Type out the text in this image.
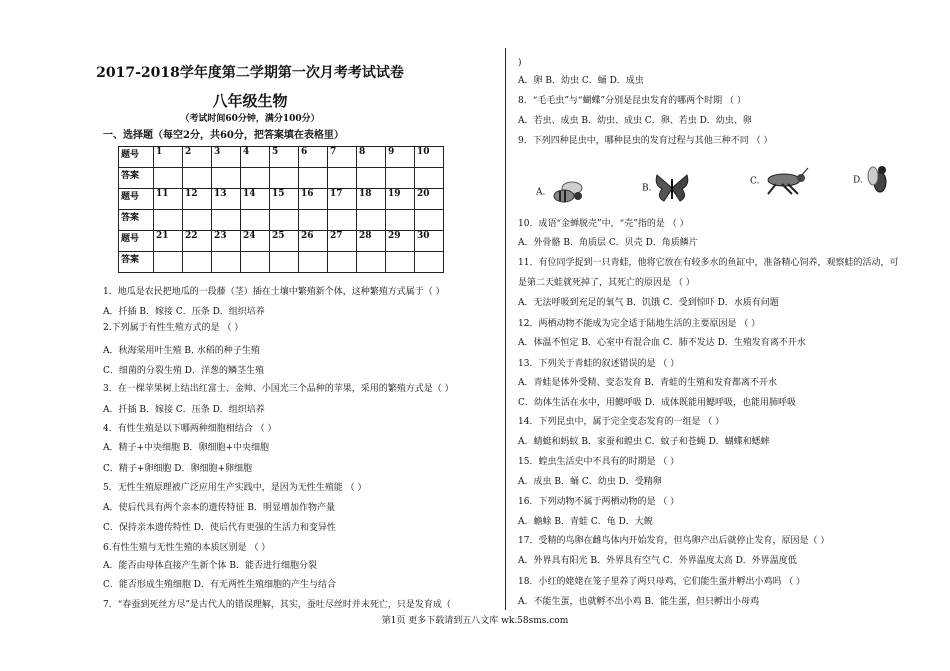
2017-2018学年度第二学期第一次月考考试试卷
八年级生物
（考试时间60分钟，满分100分）
一、选择题（每空2分，共60分，把答案填在表格里）
题号	1	2	3	4	5	6	7	8	9	10
答案										
题号	11	12	13	14	15	16	17	18	19	20
答案										
题号	21	22	23	24	25	26	27	28	29	30
答案										
1．地瓜是农民把地瓜的一段藤（茎）插在土壤中繁殖新个体，这种繁殖方式属于（ ）
A．扦插 B．嫁接 C．压条 D．组织培养
2.下列属于有性生殖方式的是 （ ）
A．秋海棠用叶生殖 B. 水稻的种子生殖
C．细菌的分裂生殖 D．洋葱的鳞茎生殖
3．在一棵苹果树上结出红富士、金帅、小国光三个品种的苹果，采用的繁殖方式是（ ）
A．扦插 B．嫁接 C．压条 D．组织培养
4．有性生殖是以下哪两种细胞相结合 （ ）
A．精子+中央细胞 B．卵细胞+中央细胞
C．精子+卵细胞 D．卵细胞+卵细胞
5．无性生殖原理被广泛应用生产实践中，是因为无性生殖能 （ ）
A．使后代具有两个亲本的遗传特征 B．明显增加作物产量
C．保持亲本遗传特性 D．使后代有更强的生活力和变异性
6.有性生殖与无性生殖的本质区别是 （ ）
A．能否由母体直接产生新个体 B．能否进行细胞分裂
C．能否形成生殖细胞 D．有无两性生殖细胞的产生与结合
7．“春蚕到死丝方尽”是古代人的错误理解，其实，蚕吐尽丝时并未死亡，只是发育成（
)
A．卵 B．幼虫 C．蛹 D．成虫
8．“毛毛虫”与“蝴蝶”分别是昆虫发育的哪两个时期 （ ）
A．若虫、成虫 B．幼虫、成虫 C．卵、若虫 D．幼虫、卵
9．下列四种昆虫中，哪种昆虫的发育过程与其他三种不同 （ ）
10．成语“金蝉脱壳”中，“壳”指的是 （ ）
A．外骨骼 B．角质层 C．贝壳 D．角质鳞片
11．有位同学捉到一只青蛙，他将它放在有较多水的鱼缸中，准备精心饲养，观察蛙的活动，可
是第二天蛙就死掉了，其死亡的原因是 （ ）
A．无法呼吸到充足的氧气 B．饥饿 C．受到惊吓 D．水质有问题
12．两栖动物不能成为完全适于陆地生活的主要原因是 （ ）
A．体温不恒定 B．心室中有混合血 C．肺不发达 D．生殖发育离不开水
13．下列关于青蛙的叙述错误的是 （ ）
A．青蛙是体外受精、变态发育 B．青蛙的生殖和发育都离不开水
C．幼体生活在水中，用鳃呼吸 D．成体既能用鳃呼吸，也能用肺呼吸
14．下列昆虫中，属于完全变态发育的一组是 （ ）
A．蜻蜓和蚂蚁 B．家蚕和蝗虫 C．蚊子和苍蝇 D．蝴蝶和蟋蟀
15．蝗虫生活史中不具有的时期是 （ ）
A．成虫 B．蛹 C．幼虫 D．受精卵
16．下列动物不属于两栖动物的是 （ ）
A．蟾蜍 B．青蛙 C．龟 D．大鲵
17．受精的鸟卵在雌鸟体内开始发育，但鸟卵产出后就停止发育，原因是（ ）
A．外界具有阳光 B．外界具有空气 C．外界温度太高 D．外界温度低
18．小红的姥姥在笼子里养了两只母鸡，它们能生蛋并孵出小鸡吗 （ ）
A．不能生蛋，也就孵不出小鸡 B．能生蛋，但只孵出小母鸡
A.	B.
C.	D.
第1页 更多下载请到五八文库 wk.58sms.com
